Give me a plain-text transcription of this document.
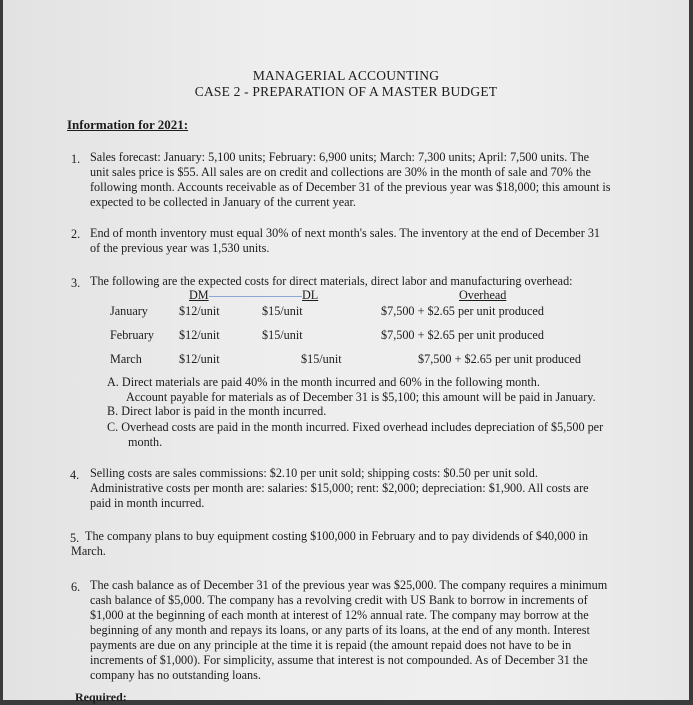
MANAGERIAL ACCOUNTING
CASE 2 - PREPARATION OF A MASTER BUDGET
Information for 2021:
1. Sales forecast: January: 5,100 units; February: 6,900 units; March: 7,300 units; April: 7,500 units. The
unit sales price is $55. All sales are on credit and collections are 30% in the month of sale and 70% the
following month. Accounts receivable as of December 31 of the previous year was $18,000; this amount is
expected to be collected in January of the current year.
2. End of month inventory must equal 30% of next month's sales. The inventory at the end of December 31
of the previous year was 1,530 units.
3. The following are the expected costs for direct materials, direct labor and manufacturing overhead:
DM	DL	Overhead
January	$12/unit	$15/unit	$7,500 + $2.65 per unit produced
February $12/unit	$15/unit	$7,500 + $2.65 per unit produced
March	$12/unit	$15/unit	$7,500 + $2.65 per unit produced
A. Direct materials are paid 40% in the month incurred and 60% in the following month.
Account payable for materials as of December 31 is $5,100; this amount will be paid in January.
B. Direct labor is paid in the month incurred.
C. Overhead costs are paid in the month incurred. Fixed overhead includes depreciation of $5,500 per
month.
4. Selling costs are sales commissions: $2.10 per unit sold; shipping costs: $0.50 per unit sold.
Administrative costs per month are: salaries: $15,000; rent: $2,000; depreciation: $1,900. All costs are
paid in month incurred.
5. The company plans to buy equipment costing $100,000 in February and to pay dividends of $40,000 in
March.
6. The cash balance as of December 31 of the previous year was $25,000. The company requires a minimum
cash balance of $5,000. The company has a revolving credit with US Bank to borrow in increments of
$1,000 at the beginning of each month at interest of 12% annual rate. The company may borrow at the
beginning of any month and repays its loans, or any parts of its loans, at the end of any month. Interest
payments are due on any principle at the time it is repaid (the amount repaid does not have to be in
increments of $1,000). For simplicity, assume that interest is not compounded. As of December 31 the
company has no outstanding loans.
Required:
